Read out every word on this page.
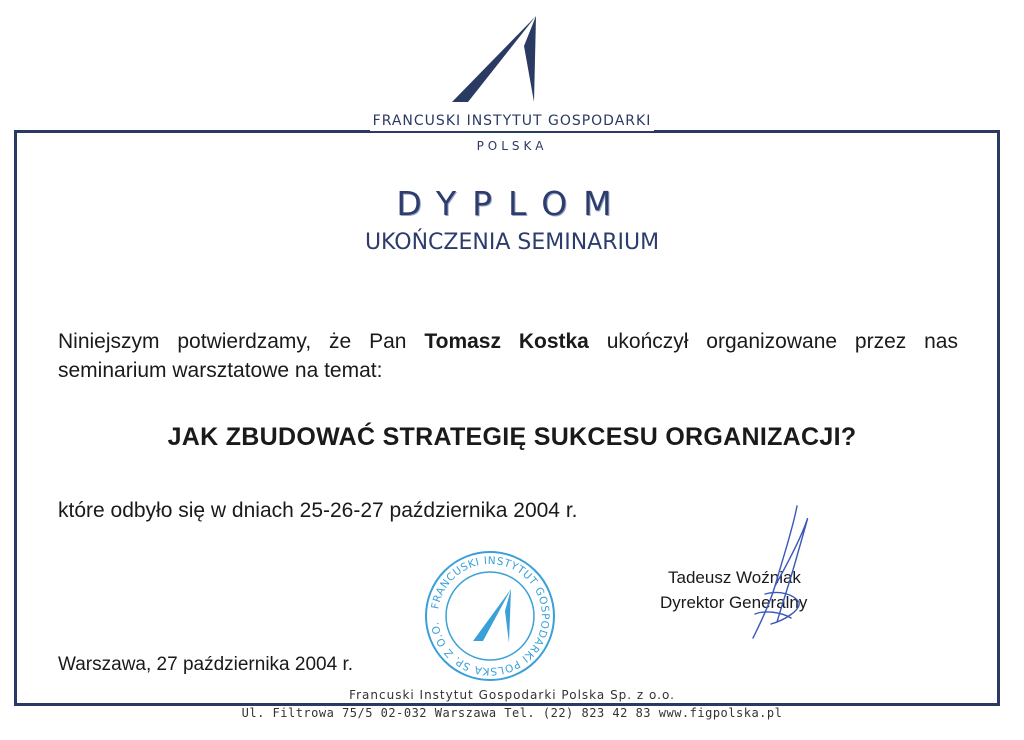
FRANCUSKI INSTYTUT GOSPODARKI
POLSKA
DYPLOM
UKOŃCZENIA SEMINARIUM
Niniejszym potwierdzamy, że Pan Tomasz Kostka ukończył organizowane przez nas seminarium warsztatowe na temat:
JAK ZBUDOWAĆ STRATEGIĘ SUKCESU ORGANIZACJI?
które odbyło się w dniach 25-26-27 października 2004 r.
FRANCUSKI INSTYTUT GOSPODARKI POLSKA SP. Z O.O.
Tadeusz Woźniak
Dyrektor Generalny
Warszawa, 27 października 2004 r.
Francuski Instytut Gospodarki Polska Sp. z o.o.
Ul. Filtrowa 75/5 02-032 Warszawa Tel. (22) 823 42 83 www.figpolska.pl
